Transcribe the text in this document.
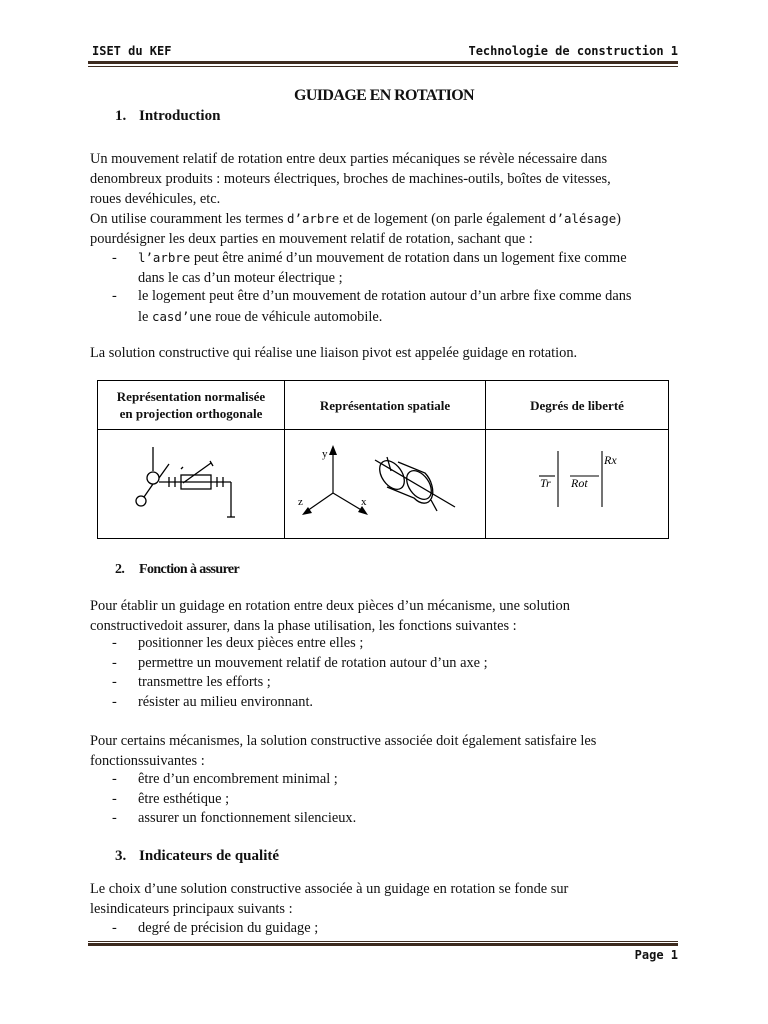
ISET du KEF	Technologie de construction 1
GUIDAGE EN ROTATION
1. Introduction
Un mouvement relatif de rotation entre deux parties mécaniques se révèle nécessaire dans
denombreux produits : moteurs électriques, broches de machines-outils, boîtes de vitesses,
roues devéhicules, etc.
On utilise couramment les termes d’arbre et de logement (on parle également d’alésage)
pourdésigner les deux parties en mouvement relatif de rotation, sachant que :
- l’arbre peut être animé d’un mouvement de rotation dans un logement fixe comme
dans le cas d’un moteur électrique ;
- le logement peut être d’un mouvement de rotation autour d’un arbre fixe comme dans
le casd’une roue de véhicule automobile.
La solution constructive qui réalise une liaison pivot est appelée guidage en rotation.
Représentation normalisée
en projection orthogonale	Représentation spatiale	Degrés de liberté

y
z x	Rx
Tr Rot
2. Fonction à assurer
Pour établir un guidage en rotation entre deux pièces d’un mécanisme, une solution
constructivedoit assurer, dans la phase utilisation, les fonctions suivantes :
- positionner les deux pièces entre elles ;
- permettre un mouvement relatif de rotation autour d’un axe ;
- transmettre les efforts ;
- résister au milieu environnant.
Pour certains mécanismes, la solution constructive associée doit également satisfaire les
fonctionssuivantes :
- être d’un encombrement minimal ;
- être esthétique ;
- assurer un fonctionnement silencieux.
3. Indicateurs de qualité
Le choix d’une solution constructive associée à un guidage en rotation se fonde sur
lesindicateurs principaux suivants :
- degré de précision du guidage ;
Page 1
